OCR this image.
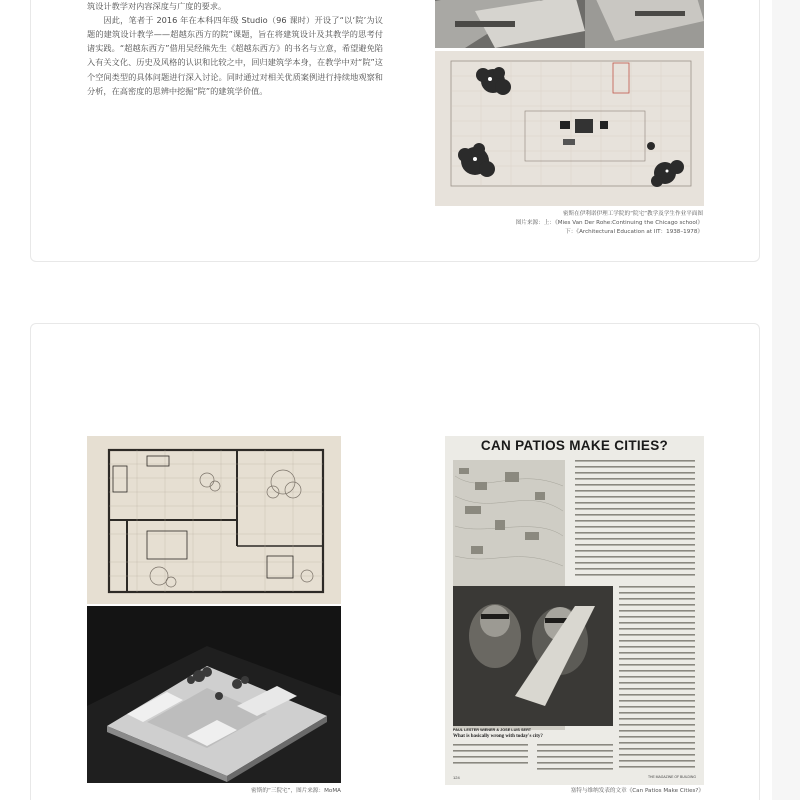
筑设计教学对内容深度与广度的要求。

因此，笔者于 2016 年在本科四年级 Studio（96 课时）开设了“以‘院’为议题的建筑设计教学——超越东西方的院”课题，旨在将建筑设计及其教学的思考付诸实践。“超越东西方”借用吴经熊先生《超越东西方》的书名与立意，希望避免陷入有关文化、历史及风格的认识和比较之中，回归建筑学本身，在教学中对“院”这个空间类型的具体问题进行深入讨论。同时通过对相关优质案例进行持续地观察和分析，在高密度的思辨中挖掘“院”的建筑学价值。

密斯在伊利诺伊理工学院的“院宅”教学及学生作业平面图
图片来源：上：《Mies Van Der Rohe:Continuing the Chicago school》
下：《Architectural Education at IIT：1938–1978》
密斯的“三院宅”，图片来源：MoMA
CAN PATIOS MAKE CITIES?
PAUL LESTER WIENER & JOSE LUIS SERT
What is basically wrong with today's city?
124	THE MAGAZINE OF BUILDING
塞特与维纳发表的文章《Can Patios Make Cities?》
